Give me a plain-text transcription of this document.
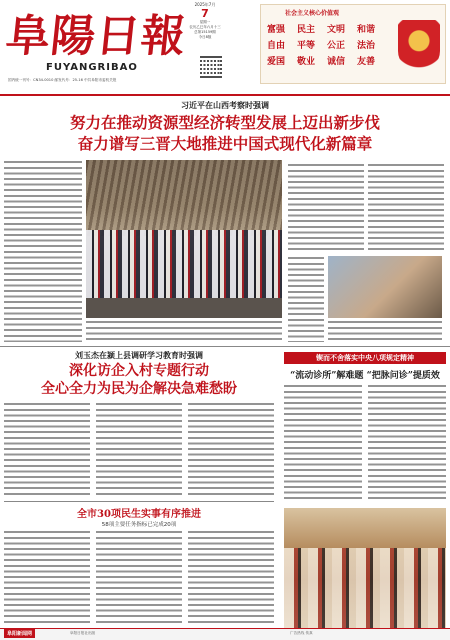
阜陽日報
FUYANGRIBAO
国内统一刊号：CN34-0010 邮发代号：25-16 中共阜阳市委机关报
2025年7月
7
星期一
农历乙巳年六月十三
总第15159期
今日8版
社会主义核心价值观
富强	民主	文明	和谐
自由	平等	公正	法治
爱国	敬业	诚信	友善
习近平在山西考察时强调
努力在推动资源型经济转型发展上迈出新步伐
奋力谱写三晋大地推进中国式现代化新篇章
刘玉杰在颍上县调研学习教育时强调
深化访企入村专题行动
全心全力为民为企解决急难愁盼
锲而不舍落实中央八项规定精神
“流动诊所”解难题 “把脉问诊”提质效
全市30项民生实事有序推进
58项主要任务指标已完成20项
阜阳新闻网	阜阳日报社出版	广告热线 传真
